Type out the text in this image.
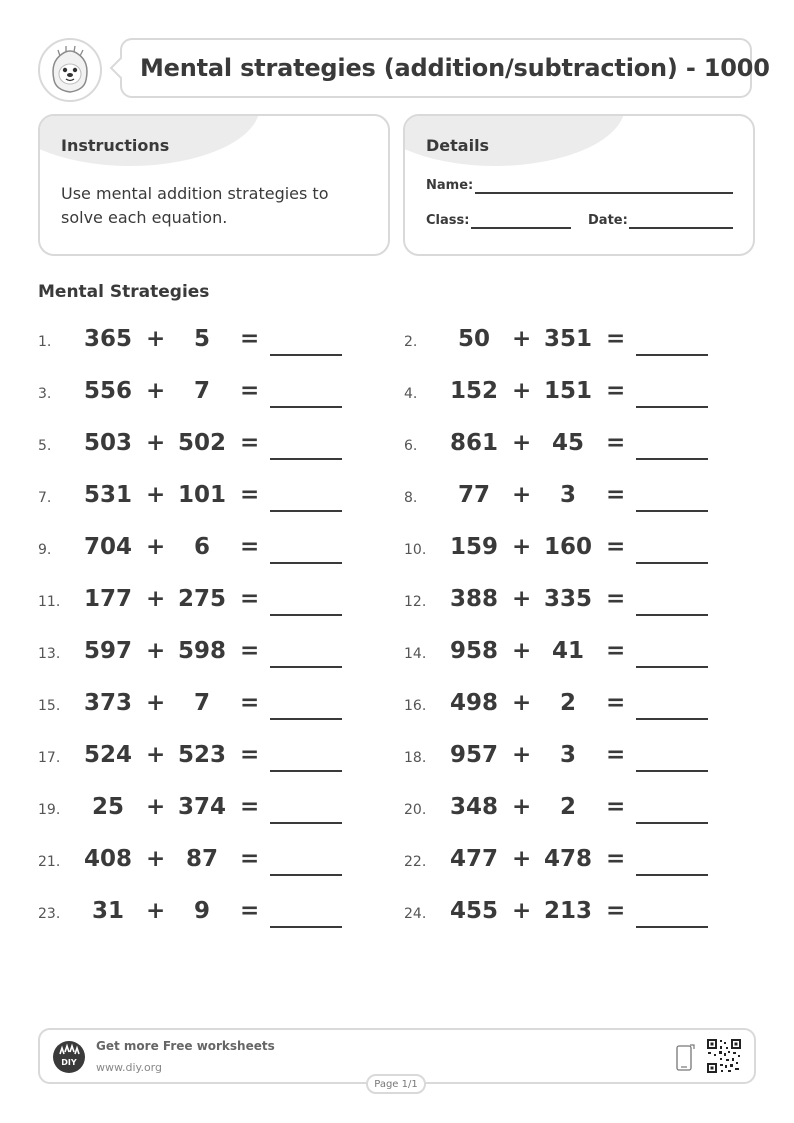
Mental strategies (addition/subtraction) - 1000
Instructions
Use mental addition strategies to solve each equation.
Details
Name:
Class:	Date:
Mental Strategies
1. 365 +	5	=	2.	50 + 351 =
3. 556 +	7	=	4. 152 + 151 =
5. 503 + 502 =	6. 861 + 45 =
7. 531 + 101 =	8.	77 +	3	=
9. 704 +	6	=	10. 159 + 160 =
11. 177 + 275 =	12. 388 + 335 =
13. 597 + 598 =	14. 958 + 41 =
15. 373 +	7	=	16. 498 +	2	=
17. 524 + 523 =	18. 957 +	3	=
19.	25 + 374 =	20. 348 +	2	=
21. 408 + 87 =	22. 477 + 478 =
23.	31 +	9	=	24. 455 + 213 =
DIY
Get more Free worksheets
www.diy.org
Page 1/1
